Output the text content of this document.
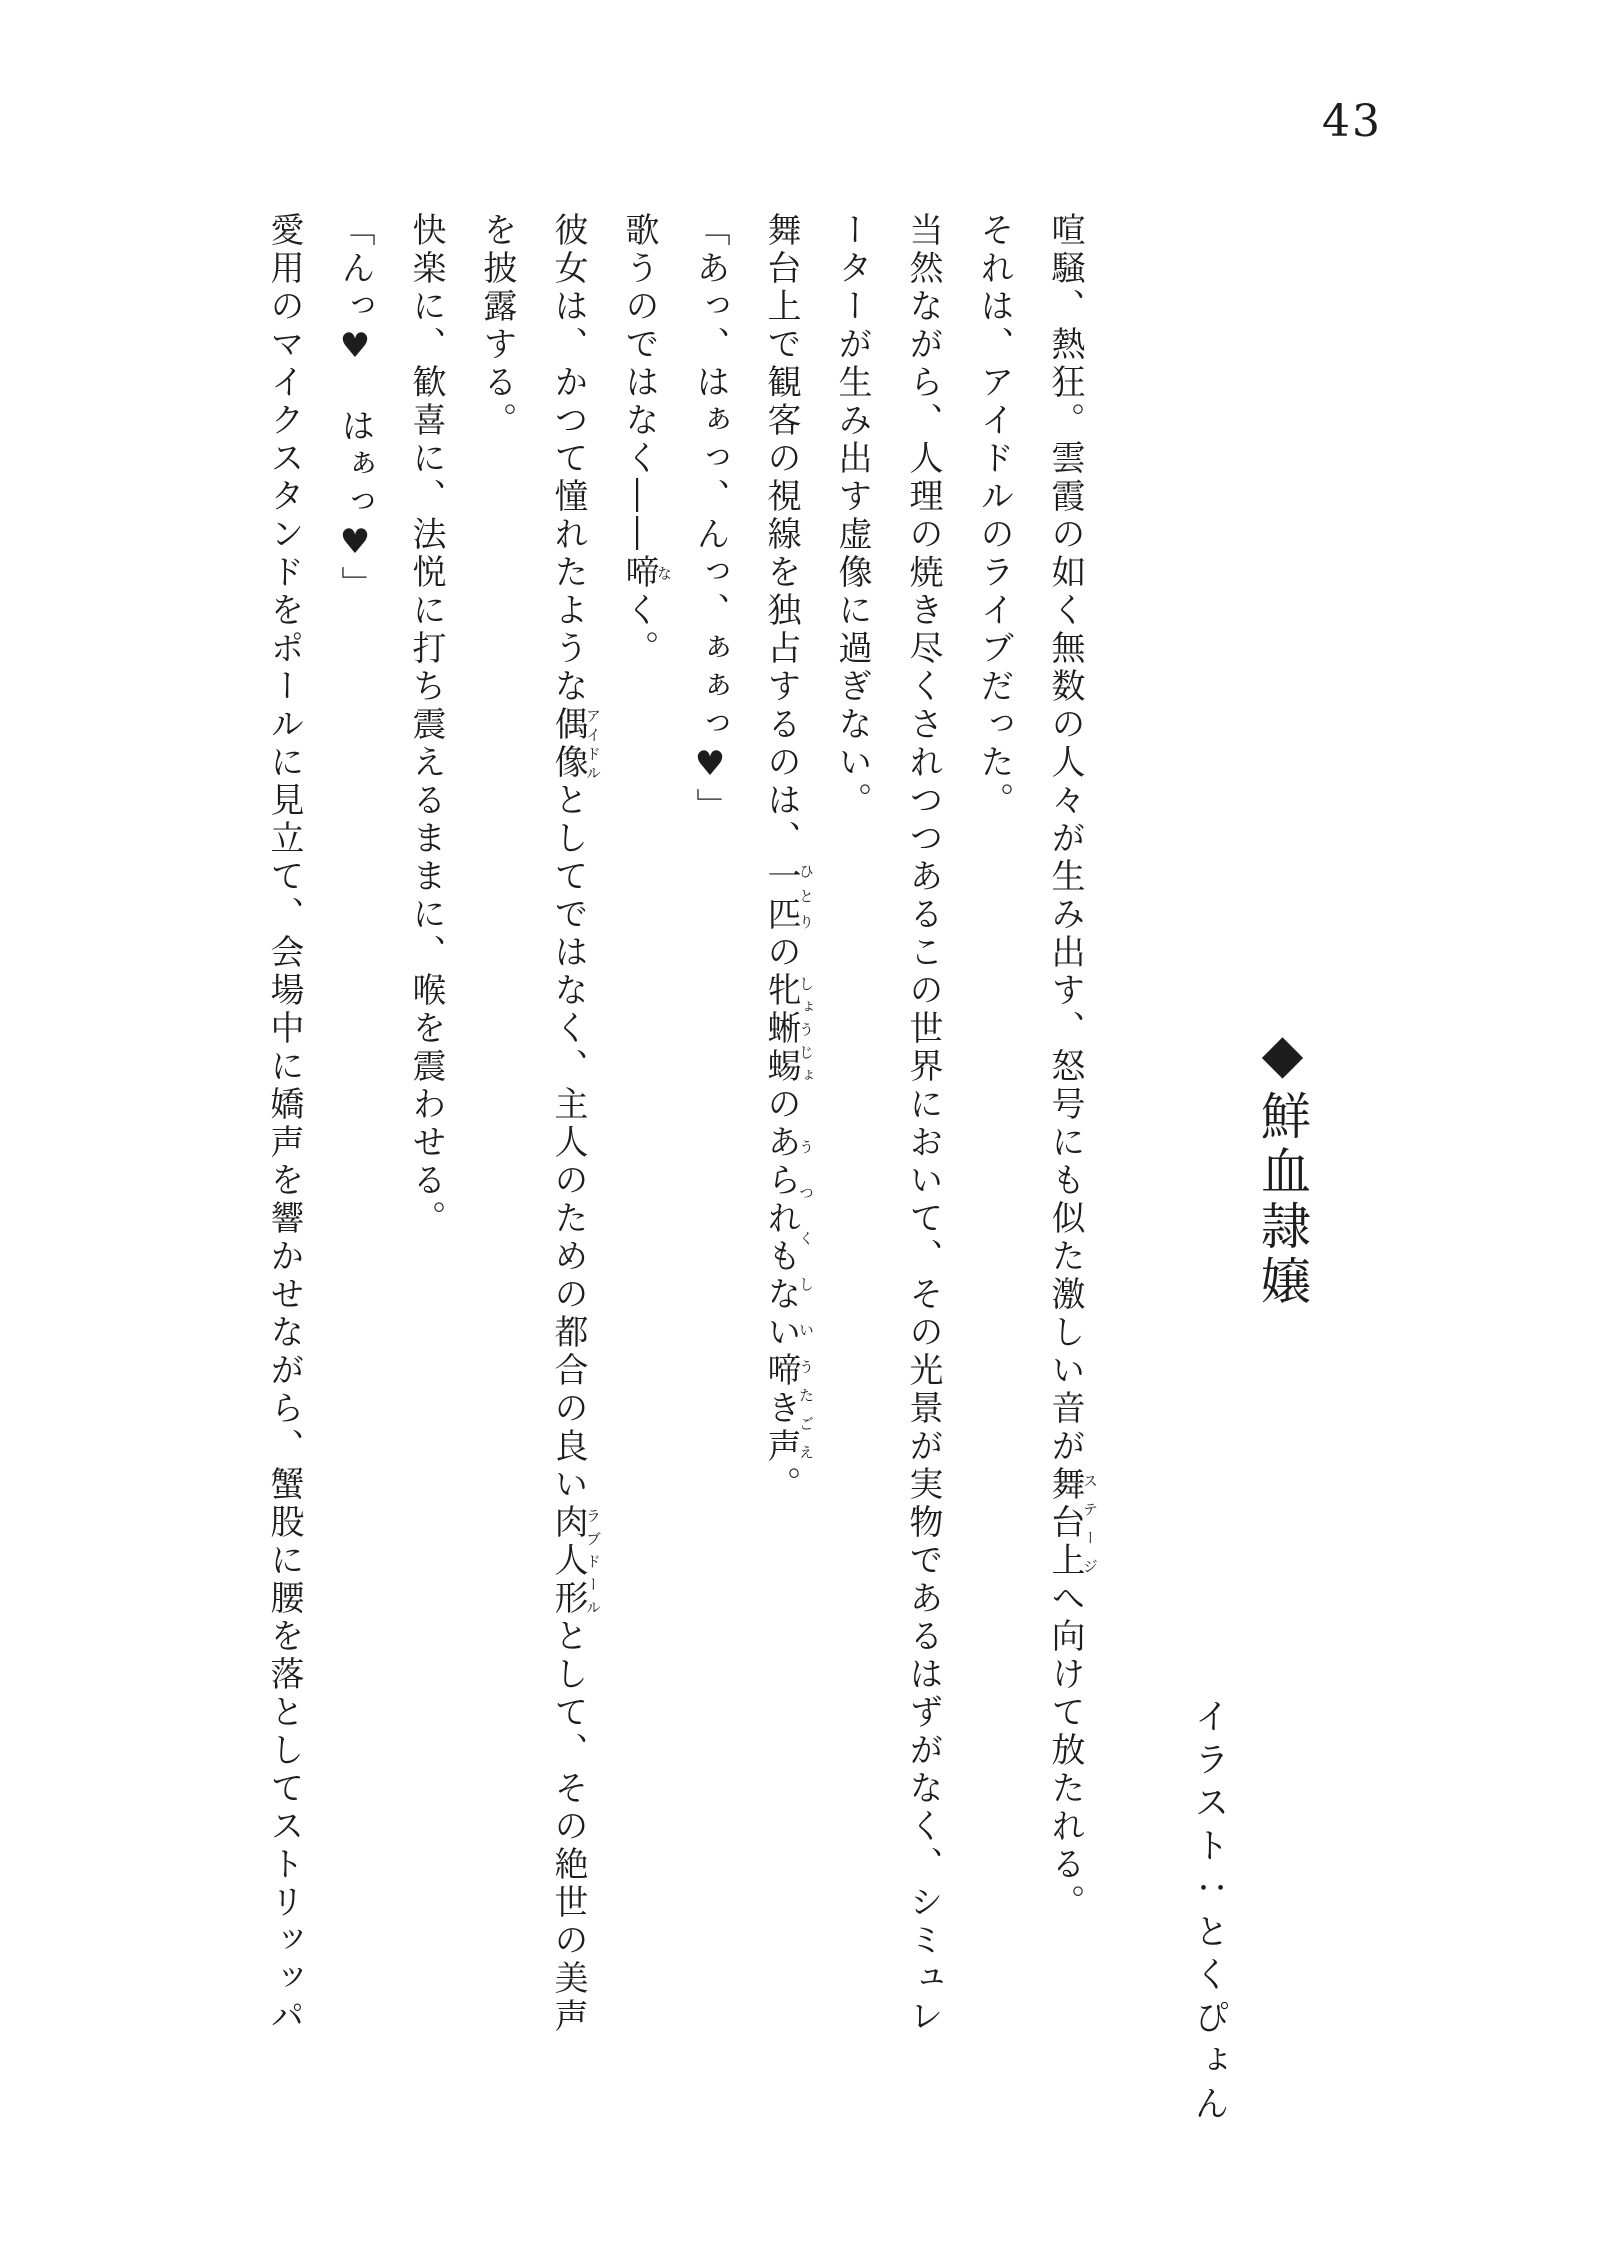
43
◆鮮血隷嬢
イラスト：とくぴょん

喧騒、熱狂。雲霞の如く無数の人々が生み出す、怒号にも似た激しい音が舞台上ステージへ向けて放たれる。

それは、アイドルのライブだった。

当然ながら、人理の焼き尽くされつつあるこの世界において、その光景が実物であるはずがなく、シミュレ

ーターが生み出す虚像に過ぎない。

舞台上で観客の視線を独占するのは、一匹ひとりの牝蜥蜴しょうじょのあられもないうつくしい啼き声うたごえ。

「あっ、はぁっ、んっ、ぁぁっ♥」

歌うのではなく――啼なく。

彼女は、かつて憧れたような偶像アイドルとしてではなく、主人のための都合の良い肉人形ラブドールとして、その絶世の美声

を披露する。

快楽に、歓喜に、法悦に打ち震えるままに、喉を震わせる。

「んっ♥　はぁっ♥」

愛用のマイクスタンドをポールに見立て、会場中に嬌声を響かせながら、蟹股に腰を落としてストリッッパ
